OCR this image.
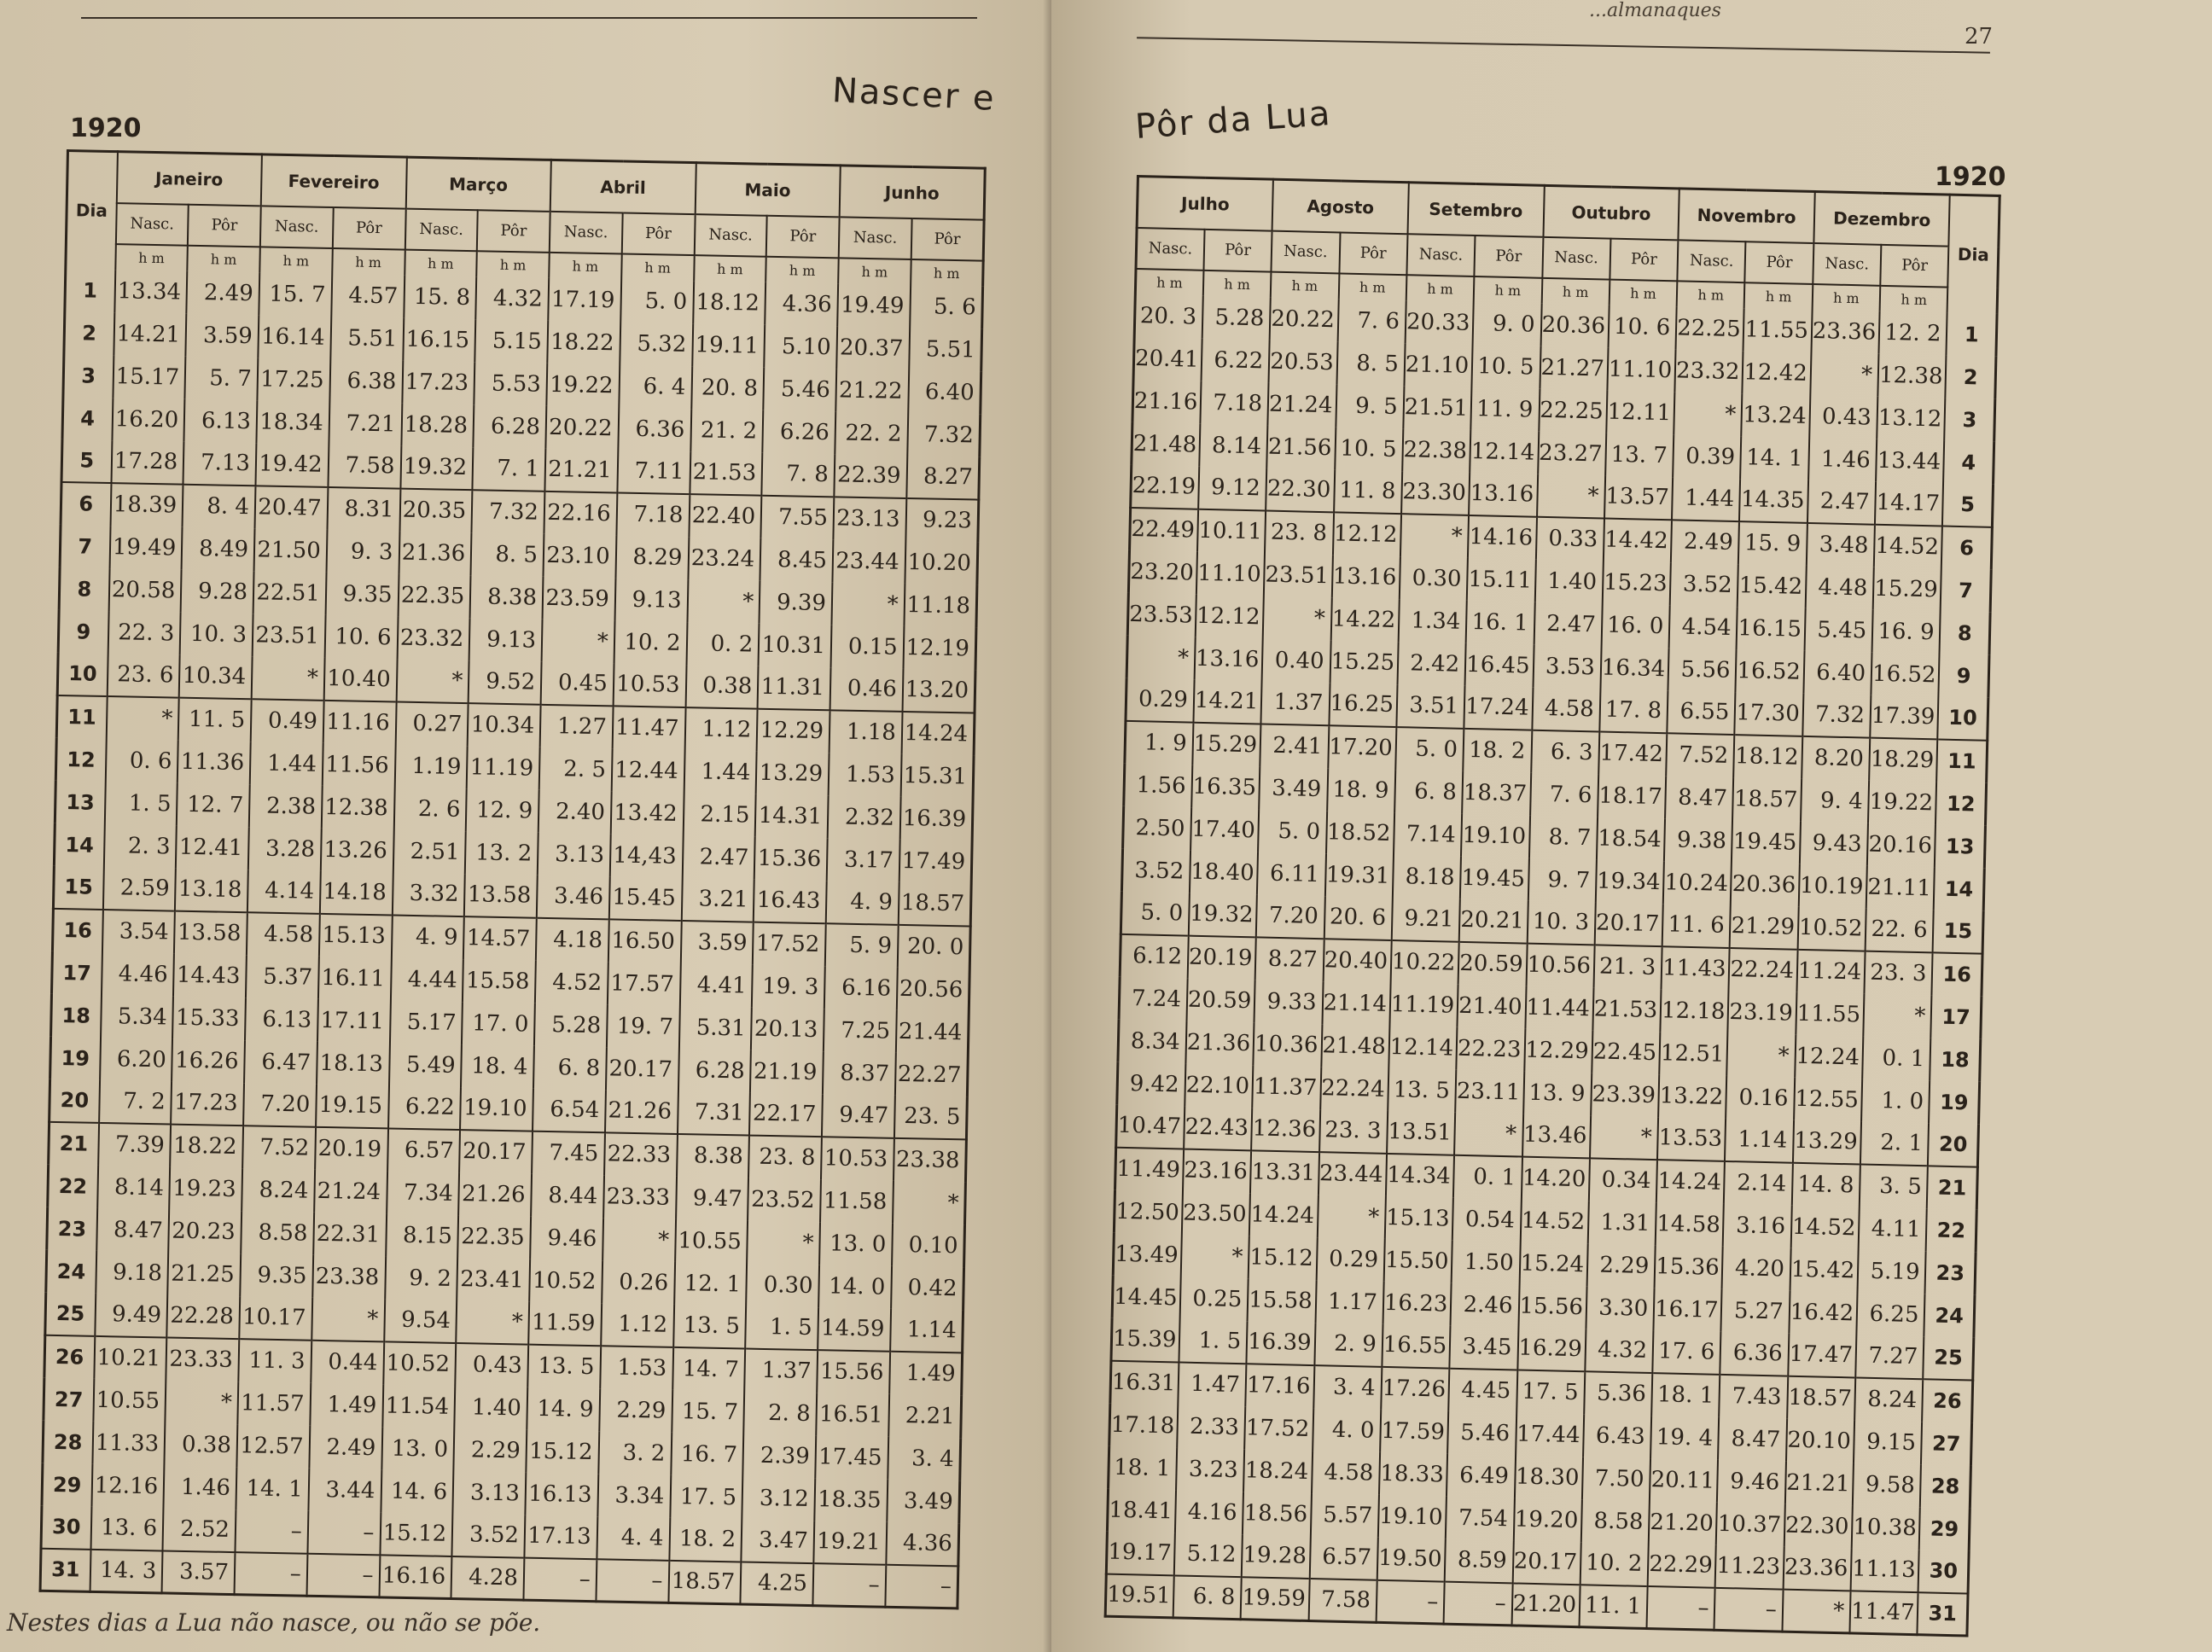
1920
Nascer e
Dia	Janeiro		Fevereiro		Março		Abril		Maio		Junho	
	Nasc.	Pôr	Nasc.	Pôr	Nasc.	Pôr	Nasc.	Pôr	Nasc.	Pôr	Nasc.	Pôr
	h m	h m	h m	h m	h m	h m	h m	h m	h m	h m	h m	h m
1	13.34	2.49	15. 7	4.57	15. 8	4.32	17.19	5. 0	18.12	4.36	19.49	5. 6
2	14.21	3.59	16.14	5.51	16.15	5.15	18.22	5.32	19.11	5.10	20.37	5.51
3	15.17	5. 7	17.25	6.38	17.23	5.53	19.22	6. 4	20. 8	5.46	21.22	6.40
4	16.20	6.13	18.34	7.21	18.28	6.28	20.22	6.36	21. 2	6.26	22. 2	7.32
5	17.28	7.13	19.42	7.58	19.32	7. 1	21.21	7.11	21.53	7. 8	22.39	8.27
6	18.39	8. 4	20.47	8.31	20.35	7.32	22.16	7.18	22.40	7.55	23.13	9.23
7	19.49	8.49	21.50	9. 3	21.36	8. 5	23.10	8.29	23.24	8.45	23.44	10.20
8	20.58	9.28	22.51	9.35	22.35	8.38	23.59	9.13	*	9.39	*	11.18
9	22. 3	10. 3	23.51	10. 6	23.32	9.13	*	10. 2	0. 2	10.31	0.15	12.19
10	23. 6	10.34	*	10.40	*	9.52	0.45	10.53	0.38	11.31	0.46	13.20
11	*	11. 5	0.49	11.16	0.27	10.34	1.27	11.47	1.12	12.29	1.18	14.24
12	0. 6	11.36	1.44	11.56	1.19	11.19	2. 5	12.44	1.44	13.29	1.53	15.31
13	1. 5	12. 7	2.38	12.38	2. 6	12. 9	2.40	13.42	2.15	14.31	2.32	16.39
14	2. 3	12.41	3.28	13.26	2.51	13. 2	3.13	14,43	2.47	15.36	3.17	17.49
15	2.59	13.18	4.14	14.18	3.32	13.58	3.46	15.45	3.21	16.43	4. 9	18.57
16	3.54	13.58	4.58	15.13	4. 9	14.57	4.18	16.50	3.59	17.52	5. 9	20. 0
17	4.46	14.43	5.37	16.11	4.44	15.58	4.52	17.57	4.41	19. 3	6.16	20.56
18	5.34	15.33	6.13	17.11	5.17	17. 0	5.28	19. 7	5.31	20.13	7.25	21.44
19	6.20	16.26	6.47	18.13	5.49	18. 4	6. 8	20.17	6.28	21.19	8.37	22.27
20	7. 2	17.23	7.20	19.15	6.22	19.10	6.54	21.26	7.31	22.17	9.47	23. 5
21	7.39	18.22	7.52	20.19	6.57	20.17	7.45	22.33	8.38	23. 8	10.53	23.38
22	8.14	19.23	8.24	21.24	7.34	21.26	8.44	23.33	9.47	23.52	11.58	*
23	8.47	20.23	8.58	22.31	8.15	22.35	9.46	*	10.55	*	13. 0	0.10
24	9.18	21.25	9.35	23.38	9. 2	23.41	10.52	0.26	12. 1	0.30	14. 0	0.42
25	9.49	22.28	10.17	*	9.54	*	11.59	1.12	13. 5	1. 5	14.59	1.14
26	10.21	23.33	11. 3	0.44	10.52	0.43	13. 5	1.53	14. 7	1.37	15.56	1.49
27	10.55	*	11.57	1.49	11.54	1.40	14. 9	2.29	15. 7	2. 8	16.51	2.21
28	11.33	0.38	12.57	2.49	13. 0	2.29	15.12	3. 2	16. 7	2.39	17.45	3. 4
29	12.16	1.46	14. 1	3.44	14. 6	3.13	16.13	3.34	17. 5	3.12	18.35	3.49
30	13. 6	2.52	–	–	15.12	3.52	17.13	4. 4	18. 2	3.47	19.21	4.36
31	14. 3	3.57	–	–	16.16	4.28	–	–	18.57	4.25	–	–
Nestes dias a Lua não nasce, ou não se põe.
...almanaques
27
Pôr da Lua
1920
Julho		Agosto		Setembro		Outubro		Novembro		Dezembro		Dia
Nasc.	Pôr	Nasc.	Pôr	Nasc.	Pôr	Nasc.	Pôr	Nasc.	Pôr	Nasc.	Pôr	
h m	h m	h m	h m	h m	h m	h m	h m	h m	h m	h m	h m	
20. 3	5.28	20.22	7. 6	20.33	9. 0	20.36	10. 6	22.25	11.55	23.36	12. 2	1
20.41	6.22	20.53	8. 5	21.10	10. 5	21.27	11.10	23.32	12.42	*	12.38	2
21.16	7.18	21.24	9. 5	21.51	11. 9	22.25	12.11	*	13.24	0.43	13.12	3
21.48	8.14	21.56	10. 5	22.38	12.14	23.27	13. 7	0.39	14. 1	1.46	13.44	4
22.19	9.12	22.30	11. 8	23.30	13.16	*	13.57	1.44	14.35	2.47	14.17	5
22.49	10.11	23. 8	12.12	*	14.16	0.33	14.42	2.49	15. 9	3.48	14.52	6
23.20	11.10	23.51	13.16	0.30	15.11	1.40	15.23	3.52	15.42	4.48	15.29	7
23.53	12.12	*	14.22	1.34	16. 1	2.47	16. 0	4.54	16.15	5.45	16. 9	8
*	13.16	0.40	15.25	2.42	16.45	3.53	16.34	5.56	16.52	6.40	16.52	9
0.29	14.21	1.37	16.25	3.51	17.24	4.58	17. 8	6.55	17.30	7.32	17.39	10
1. 9	15.29	2.41	17.20	5. 0	18. 2	6. 3	17.42	7.52	18.12	8.20	18.29	11
1.56	16.35	3.49	18. 9	6. 8	18.37	7. 6	18.17	8.47	18.57	9. 4	19.22	12
2.50	17.40	5. 0	18.52	7.14	19.10	8. 7	18.54	9.38	19.45	9.43	20.16	13
3.52	18.40	6.11	19.31	8.18	19.45	9. 7	19.34	10.24	20.36	10.19	21.11	14
5. 0	19.32	7.20	20. 6	9.21	20.21	10. 3	20.17	11. 6	21.29	10.52	22. 6	15
6.12	20.19	8.27	20.40	10.22	20.59	10.56	21. 3	11.43	22.24	11.24	23. 3	16
7.24	20.59	9.33	21.14	11.19	21.40	11.44	21.53	12.18	23.19	11.55	*	17
8.34	21.36	10.36	21.48	12.14	22.23	12.29	22.45	12.51	*	12.24	0. 1	18
9.42	22.10	11.37	22.24	13. 5	23.11	13. 9	23.39	13.22	0.16	12.55	1. 0	19
10.47	22.43	12.36	23. 3	13.51	*	13.46	*	13.53	1.14	13.29	2. 1	20
11.49	23.16	13.31	23.44	14.34	0. 1	14.20	0.34	14.24	2.14	14. 8	3. 5	21
12.50	23.50	14.24	*	15.13	0.54	14.52	1.31	14.58	3.16	14.52	4.11	22
13.49	*	15.12	0.29	15.50	1.50	15.24	2.29	15.36	4.20	15.42	5.19	23
14.45	0.25	15.58	1.17	16.23	2.46	15.56	3.30	16.17	5.27	16.42	6.25	24
15.39	1. 5	16.39	2. 9	16.55	3.45	16.29	4.32	17. 6	6.36	17.47	7.27	25
16.31	1.47	17.16	3. 4	17.26	4.45	17. 5	5.36	18. 1	7.43	18.57	8.24	26
17.18	2.33	17.52	4. 0	17.59	5.46	17.44	6.43	19. 4	8.47	20.10	9.15	27
18. 1	3.23	18.24	4.58	18.33	6.49	18.30	7.50	20.11	9.46	21.21	9.58	28
18.41	4.16	18.56	5.57	19.10	7.54	19.20	8.58	21.20	10.37	22.30	10.38	29
19.17	5.12	19.28	6.57	19.50	8.59	20.17	10. 2	22.29	11.23	23.36	11.13	30
19.51	6. 8	19.59	7.58	–	–	21.20	11. 1	–	–	*	11.47	31
